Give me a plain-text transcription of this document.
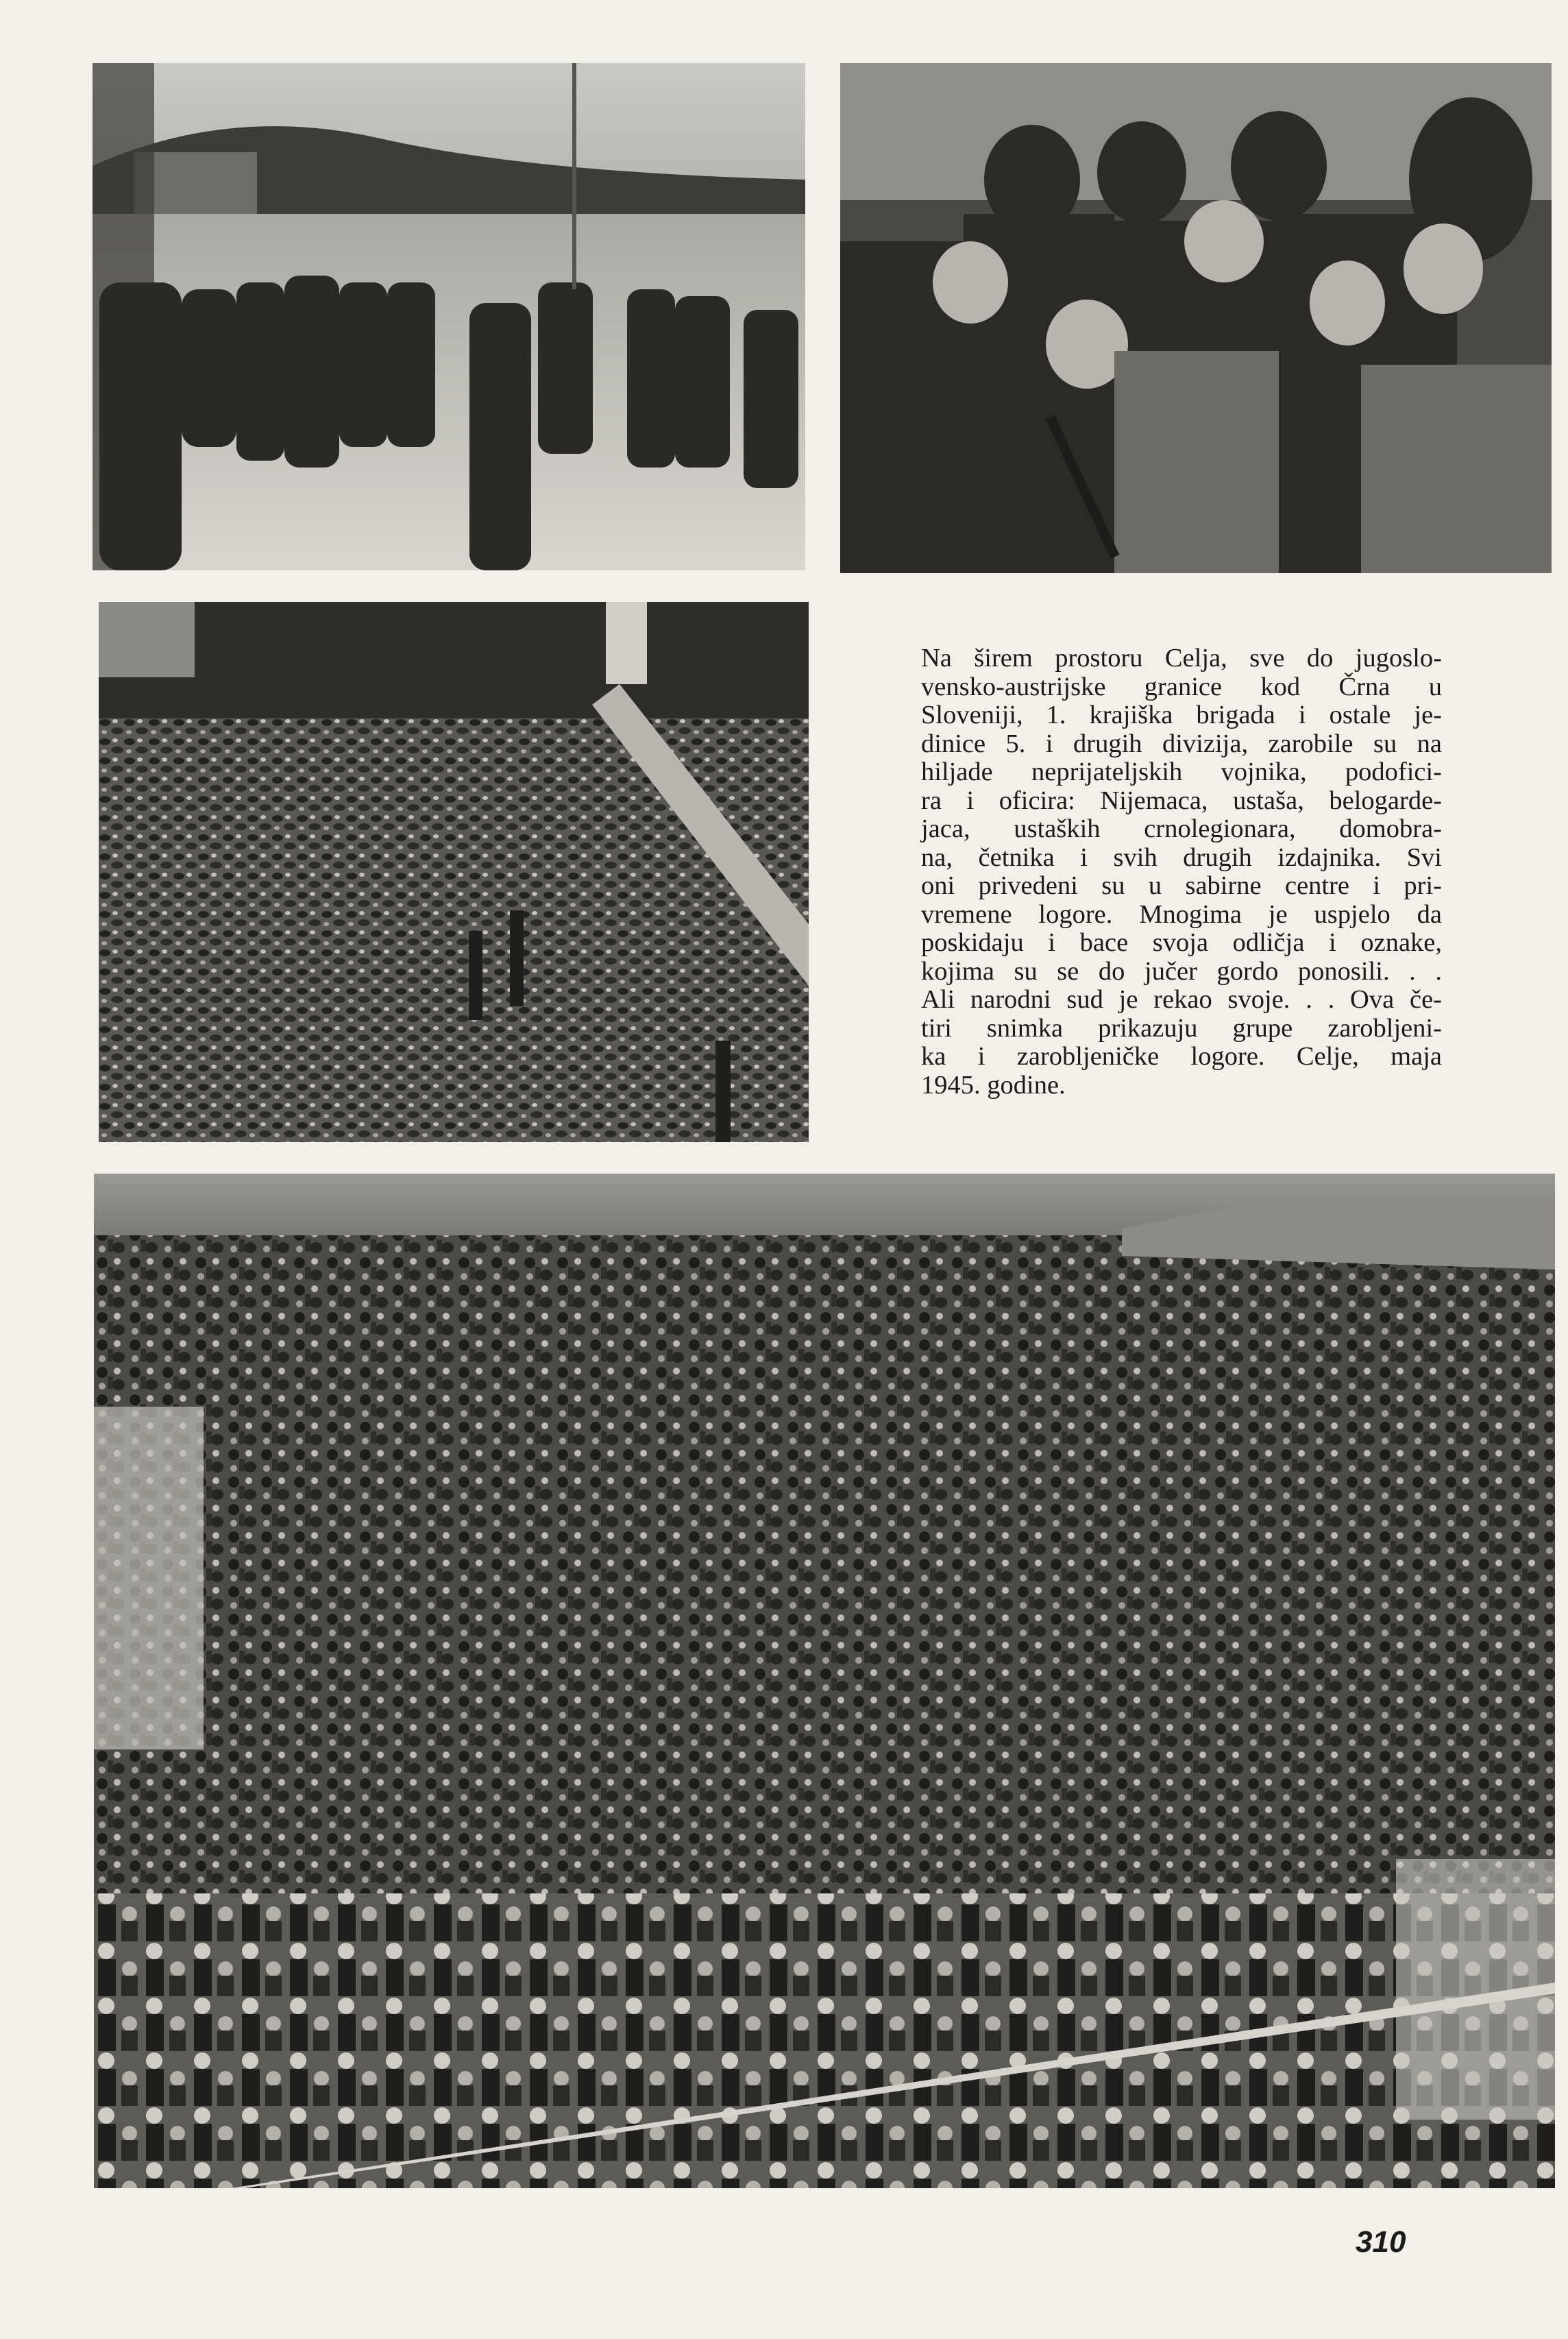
Na širem prostoru Celja, sve do jugoslo-
vensko-austrijske granice kod Črna u
Sloveniji, 1. krajiška brigada i ostale je-
dinice 5. i drugih divizija, zarobile su na
hiljade neprijateljskih vojnika, podofici-
ra i oficira: Nijemaca, ustaša, belogarde-
jaca, ustaških crnolegionara, domobra-
na, četnika i svih drugih izdajnika. Svi
oni privedeni su u sabirne centre i pri-
vremene logore. Mnogima je uspjelo da
poskidaju i bace svoja odličja i oznake,
kojima su se do jučer gordo ponosili. . .
Ali narodni sud je rekao svoje. . . Ova če-
tiri snimka prikazuju grupe zarobljeni-
ka i zarobljeničke logore. Celje, maja
1945. godine.
310
